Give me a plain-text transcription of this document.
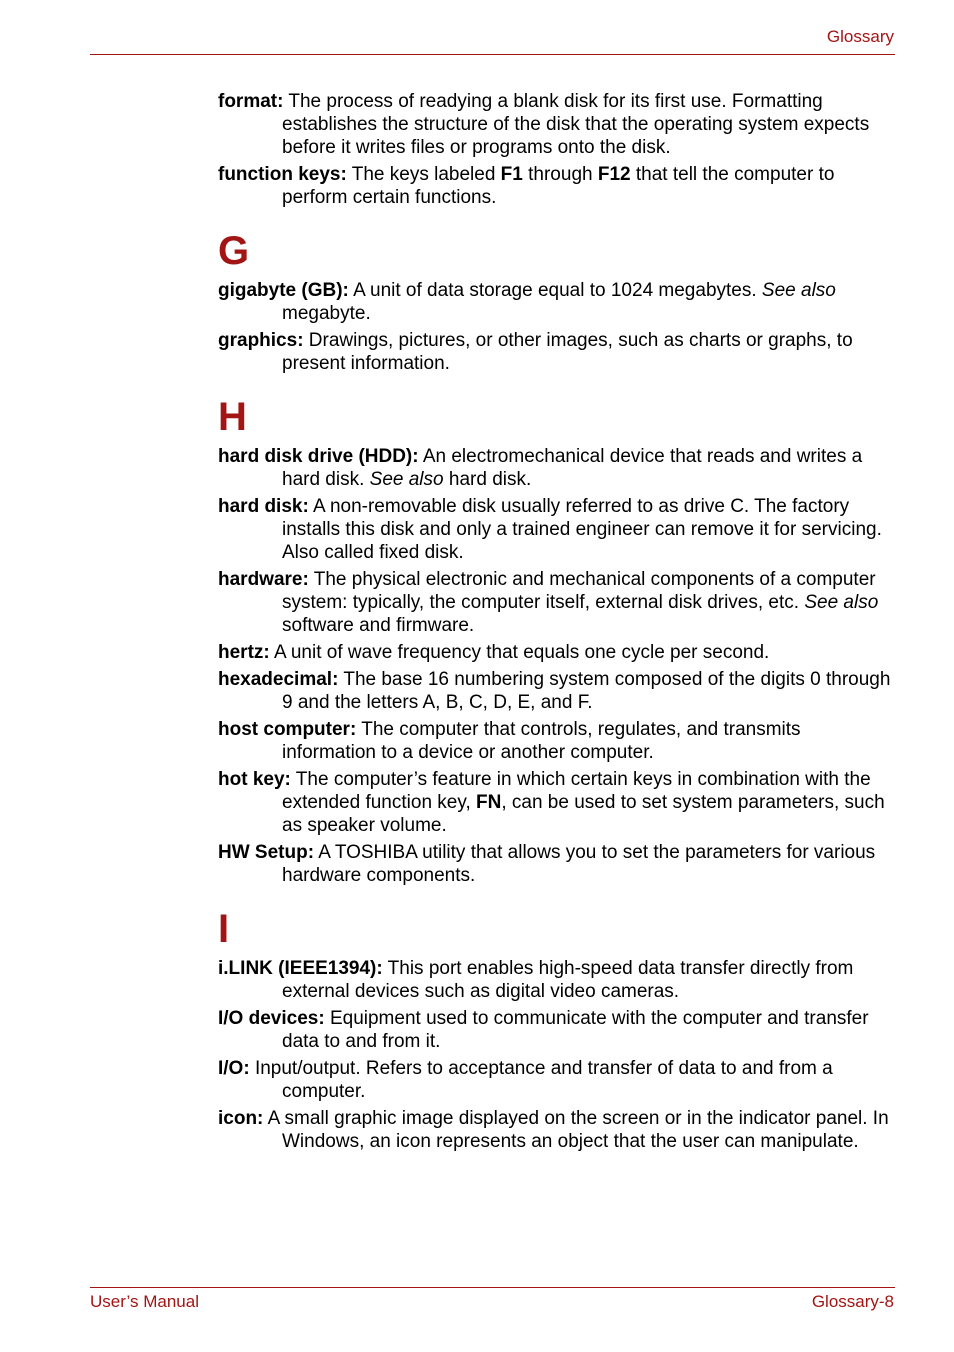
Glossary

format: The process of readying a blank disk for its first use. Formatting establishes the structure of the disk that the operating system expects before it writes files or programs onto the disk.

function keys: The keys labeled F1 through F12 that tell the computer to perform certain functions.

G

gigabyte (GB): A unit of data storage equal to 1024 megabytes. See also megabyte.

graphics: Drawings, pictures, or other images, such as charts or graphs, to present information.

H

hard disk drive (HDD): An electromechanical device that reads and writes a hard disk. See also hard disk.

hard disk: A non-removable disk usually referred to as drive C. The factory installs this disk and only a trained engineer can remove it for servicing. Also called fixed disk.

hardware: The physical electronic and mechanical components of a computer system: typically, the computer itself, external disk drives, etc. See also software and firmware.

hertz: A unit of wave frequency that equals one cycle per second.

hexadecimal: The base 16 numbering system composed of the digits 0 through 9 and the letters A, B, C, D, E, and F.

host computer: The computer that controls, regulates, and transmits information to a device or another computer.

hot key: The computer’s feature in which certain keys in combination with the extended function key, FN, can be used to set system parameters, such as speaker volume.

HW Setup: A TOSHIBA utility that allows you to set the parameters for various hardware components.

I

i.LINK (IEEE1394): This port enables high-speed data transfer directly from external devices such as digital video cameras.

I/O devices: Equipment used to communicate with the computer and transfer data to and from it.

I/O: Input/output. Refers to acceptance and transfer of data to and from a computer.

icon: A small graphic image displayed on the screen or in the indicator panel. In Windows, an icon represents an object that the user can manipulate.

User’s Manual	Glossary-8
